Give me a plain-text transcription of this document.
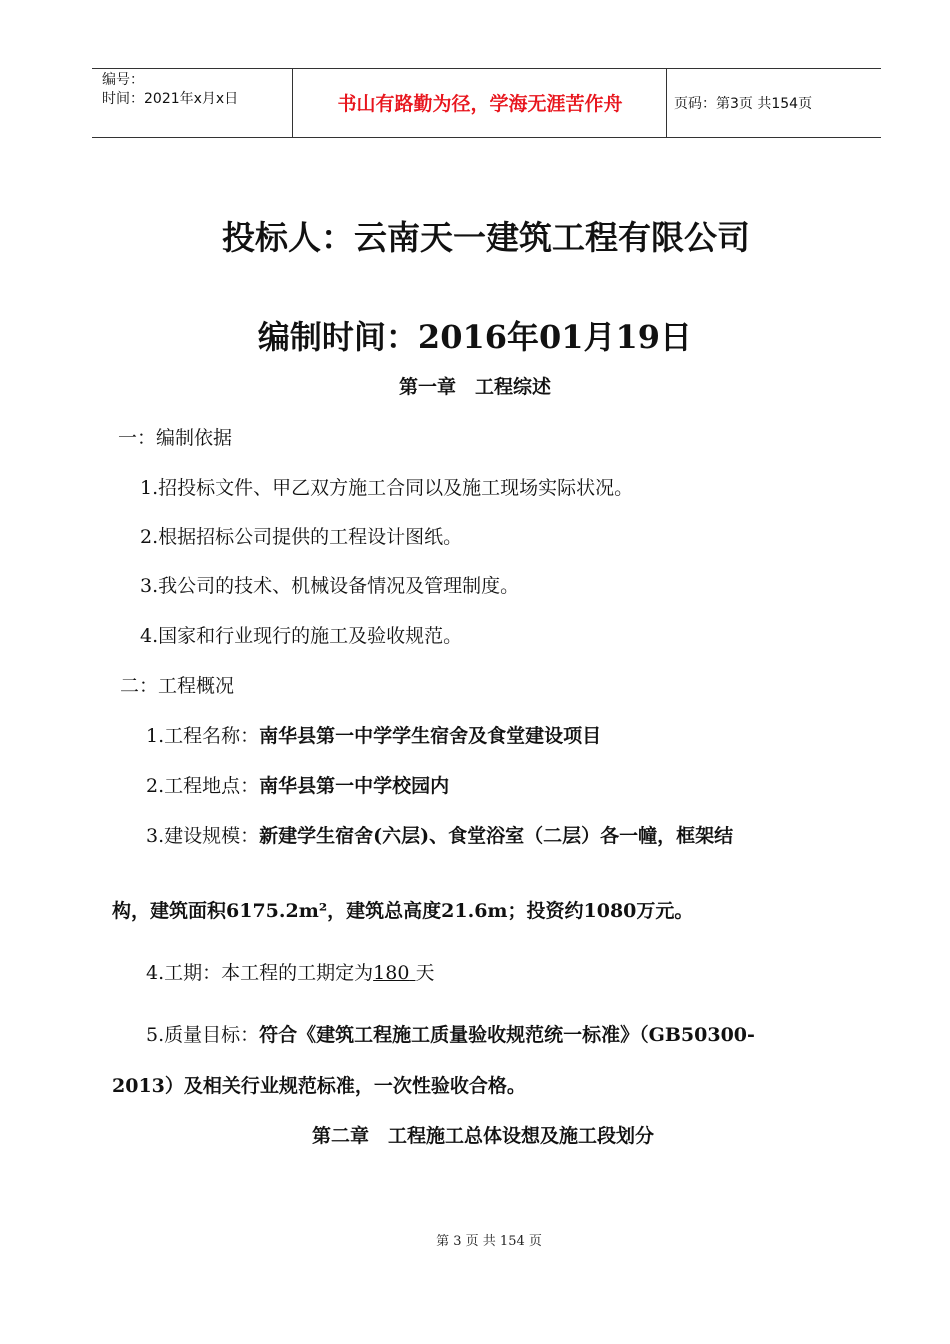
编号：
时间：2021年x月x日	书山有路勤为径，学海无涯苦作舟	页码：第3页 共154页
投标人：云南天一建筑工程有限公司
编制时间：2016年01月19日
第一章　工程综述
一：编制依据
1.招投标文件、甲乙双方施工合同以及施工现场实际状况。
2.根据招标公司提供的工程设计图纸。
3.我公司的技术、机械设备情况及管理制度。
4.国家和行业现行的施工及验收规范。
二：工程概况
1.工程名称：南华县第一中学学生宿舍及食堂建设项目
2.工程地点：南华县第一中学校园内
3.建设规模：新建学生宿舍(六层)、食堂浴室（二层）各一幢，框架结
构，建筑面积6175.2m²，建筑总高度21.6m；投资约1080万元。
4.工期：本工程的工期定为180 天
5.质量目标：符合《建筑工程施工质量验收规范统一标准》（GB50300-
2013）及相关行业规范标准，一次性验收合格。
第二章　工程施工总体设想及施工段划分
第 3 页 共 154 页
